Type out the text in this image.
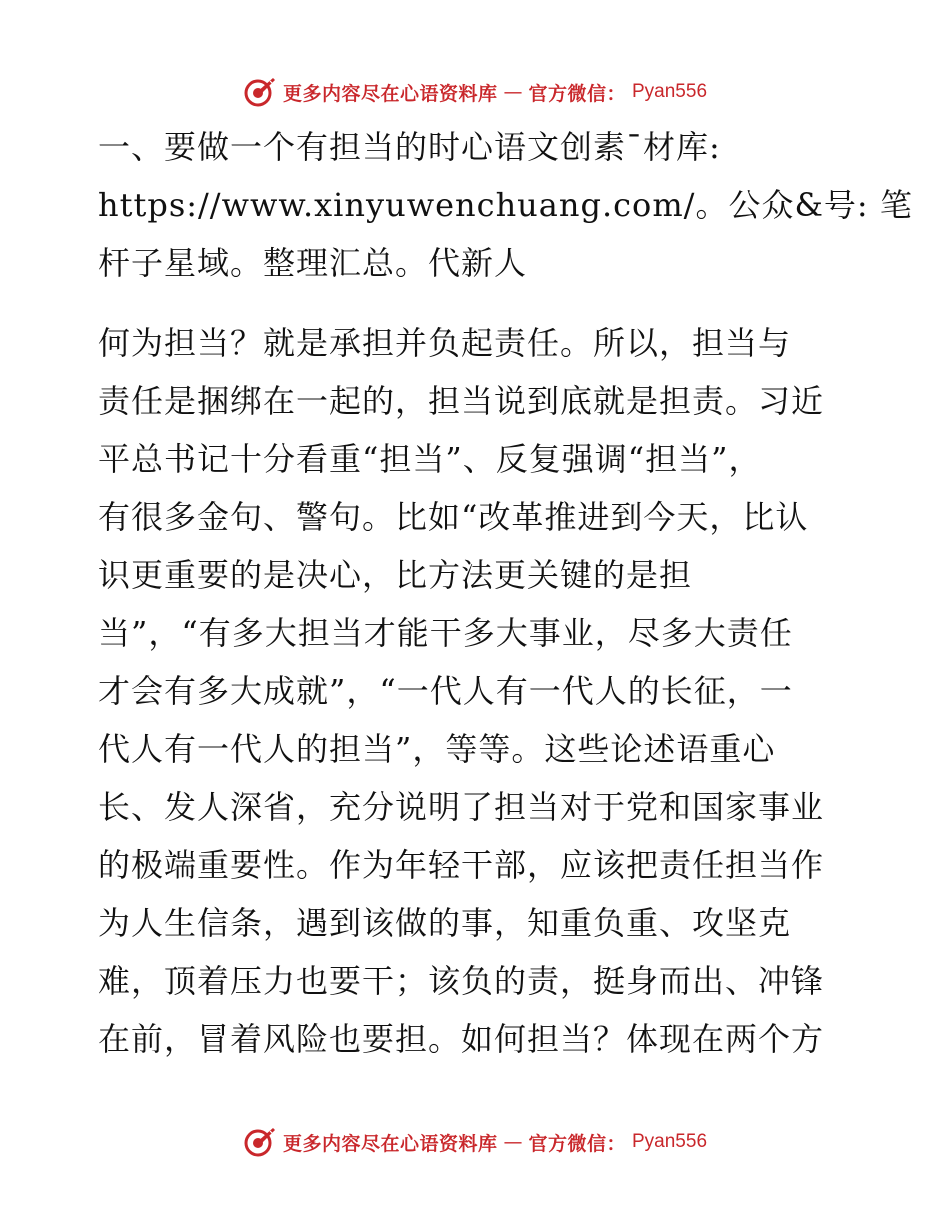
更多内容尽在心语资料库 — 官方微信： Pyan556
一、要做一个有担当的时心语文创素¯材库:
https://www.xinyuwenchuang.com/。公众&号: 笔
杆子星域。整理汇总。代新人
何为担当？就是承担并负起责任。所以，担当与
责任是捆绑在一起的，担当说到底就是担责。习近
平总书记十分看重“担当”、反复强调“担当”，
有很多金句、警句。比如“改革推进到今天，比认
识更重要的是决心，比方法更关键的是担
当”，“有多大担当才能干多大事业，尽多大责任
才会有多大成就”，“一代人有一代人的长征，一
代人有一代人的担当”，等等。这些论述语重心
长、发人深省，充分说明了担当对于党和国家事业
的极端重要性。作为年轻干部，应该把责任担当作
为人生信条，遇到该做的事，知重负重、攻坚克
难，顶着压力也要干；该负的责，挺身而出、冲锋
在前，冒着风险也要担。如何担当？体现在两个方
更多内容尽在心语资料库 — 官方微信： Pyan556
